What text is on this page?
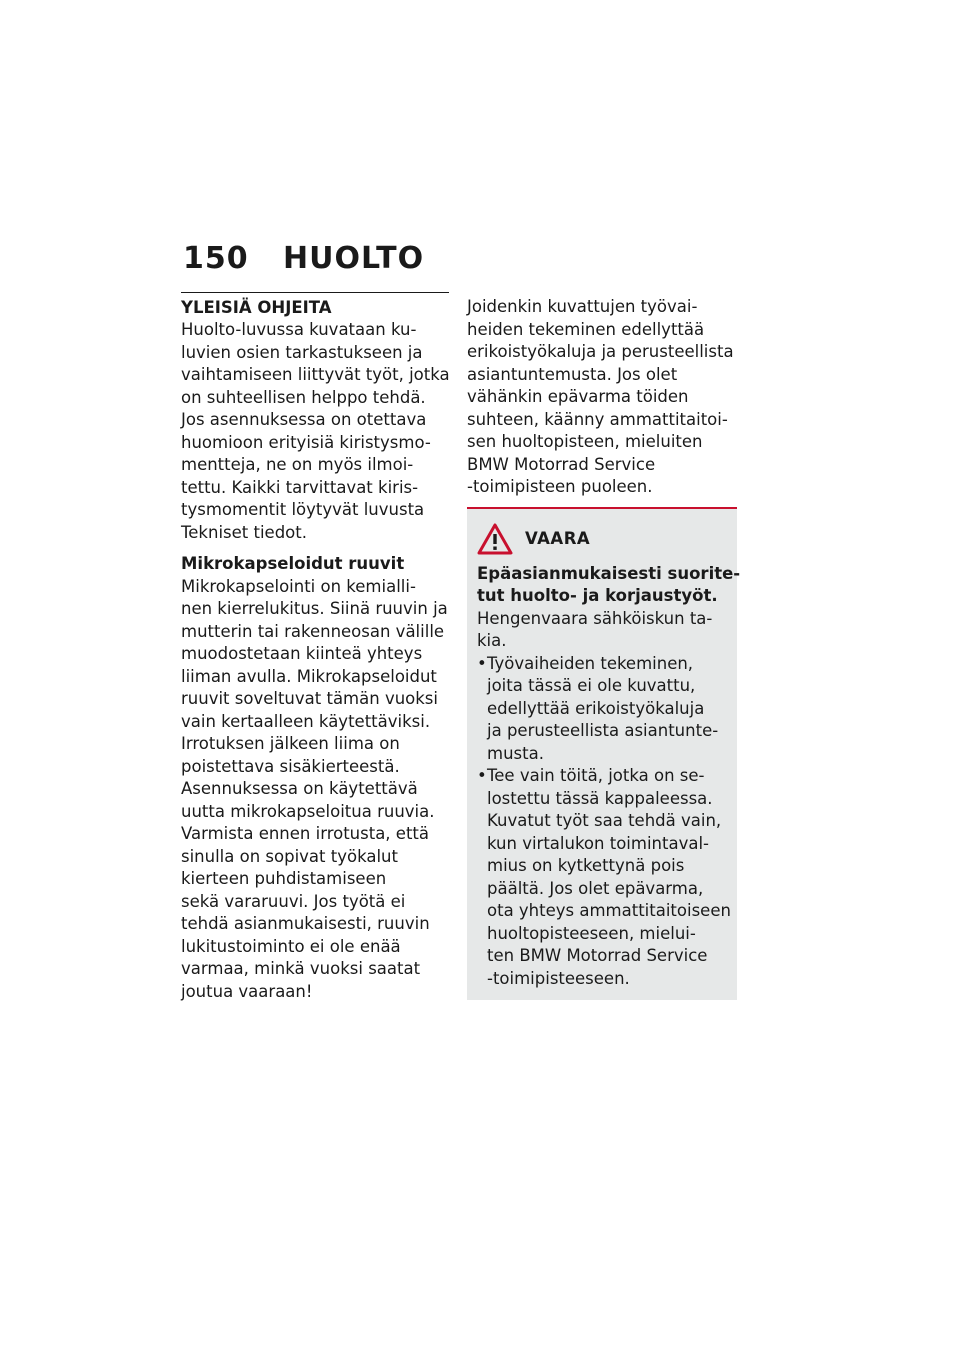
150 HUOLTO
YLEISIÄ OHJEITA
Huolto-luvussa kuvataan ku-
luvien osien tarkastukseen ja
vaihtamiseen liittyvät työt, jotka
on suhteellisen helppo tehdä.
Jos asennuksessa on otettava
huomioon erityisiä kiristysmo-
mentteja, ne on myös ilmoi-
tettu. Kaikki tarvittavat kiris-
tysmomentit löytyvät luvusta
Tekniset tiedot.
Mikrokapseloidut ruuvit
Mikrokapselointi on kemialli-
nen kierrelukitus. Siinä ruuvin ja
mutterin tai rakenneosan välille
muodostetaan kiinteä yhteys
liiman avulla. Mikrokapseloidut
ruuvit soveltuvat tämän vuoksi
vain kertaalleen käytettäviksi.
Irrotuksen jälkeen liima on
poistettava sisäkierteestä.
Asennuksessa on käytettävä
uutta mikrokapseloitua ruuvia.
Varmista ennen irrotusta, että
sinulla on sopivat työkalut
kierteen puhdistamiseen
sekä vararuuvi. Jos työtä ei
tehdä asianmukaisesti, ruuvin
lukitustoiminto ei ole enää
varmaa, minkä vuoksi saatat
joutua vaaraan!
Joidenkin kuvattujen työvai-
heiden tekeminen edellyttää
erikoistyökaluja ja perusteellista
asiantuntemusta. Jos olet
vähänkin epävarma töiden
suhteen, käänny ammattitaitoi-
sen huoltopisteen, mieluiten
BMW Motorrad Service
-toimipisteen puoleen.
VAARA
Epäasianmukaisesti suorite-
tut huolto- ja korjaustyöt.
Hengenvaara sähköiskun ta-
kia.
• Työvaiheiden tekeminen,
joita tässä ei ole kuvattu,
edellyttää erikoistyökaluja
ja perusteellista asiantunte-
musta.
• Tee vain töitä, jotka on se-
lostettu tässä kappaleessa.
Kuvatut työt saa tehdä vain,
kun virtalukon toimintaval-
mius on kytkettynä pois
päältä. Jos olet epävarma,
ota yhteys ammattitaitoiseen
huoltopisteeseen, mielui-
ten BMW Motorrad Service
-toimipisteeseen.
